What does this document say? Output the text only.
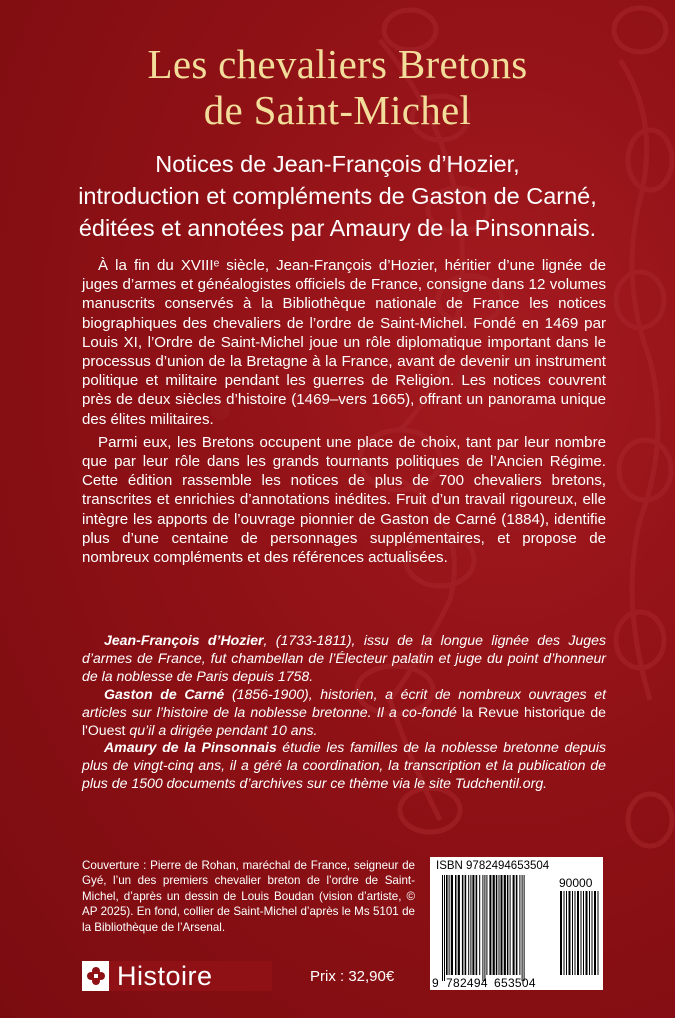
Les chevaliers Bretons
de Saint-Michel
Notices de Jean-François d’Hozier,
introduction et compléments de Gaston de Carné,
éditées et annotées par Amaury de la Pinsonnais.

À la fin du XVIIIᵉ siècle, Jean-François d’Hozier, héritier d’une lignée de juges d’armes et généalogistes officiels de France, consigne dans 12 volumes manuscrits conservés à la Bibliothèque nationale de France les notices biographiques des chevaliers de l’ordre de Saint-Michel. Fondé en 1469 par Louis XI, l’Ordre de Saint-Michel joue un rôle diplomatique important dans le processus d’union de la Bretagne à la France, avant de devenir un instrument politique et militaire pendant les guerres de Religion. Les notices couvrent près de deux siècles d’histoire (1469–vers 1665), offrant un panorama unique des élites militaires.

Parmi eux, les Bretons occupent une place de choix, tant par leur nombre que par leur rôle dans les grands tournants politiques de l’Ancien Régime. Cette édition rassemble les notices de plus de 700 chevaliers bretons, transcrites et enrichies d’annotations inédites. Fruit d’un travail rigoureux, elle intègre les apports de l’ouvrage pionnier de Gaston de Carné (1884), identifie plus d’une centaine de personnages supplémentaires, et propose de nombreux compléments et des références actualisées.

Jean-François d’Hozier, (1733-1811), issu de la longue lignée des Juges d’armes de France, fut chambellan de l’Électeur palatin et juge du point d’honneur de la noblesse de Paris depuis 1758.

Gaston de Carné (1856-1900), historien, a écrit de nombreux ouvrages et articles sur l’histoire de la noblesse bretonne. Il a co-fondé la Revue historique de l'Ouest qu’il a dirigée pendant 10 ans.

Amaury de la Pinsonnais étudie les familles de la noblesse bretonne depuis plus de vingt-cinq ans, il a géré la coordination, la transcription et la publication de plus de 1500 documents d’archives sur ce thème via le site Tudchentil.org.

Couverture : Pierre de Rohan, maréchal de France, seigneur de Gyé, l’un des premiers chevalier breton de l’ordre de Saint-Michel, d’après un dessin de Louis Boudan (vision d’artiste, © AP 2025). En fond, collier de Saint-Michel d’après le Ms 5101 de la Bibliothèque de l’Arsenal.
Histoire	Prix : 32,90€
ISBN 9782494653504
90000
9 782494 653504
